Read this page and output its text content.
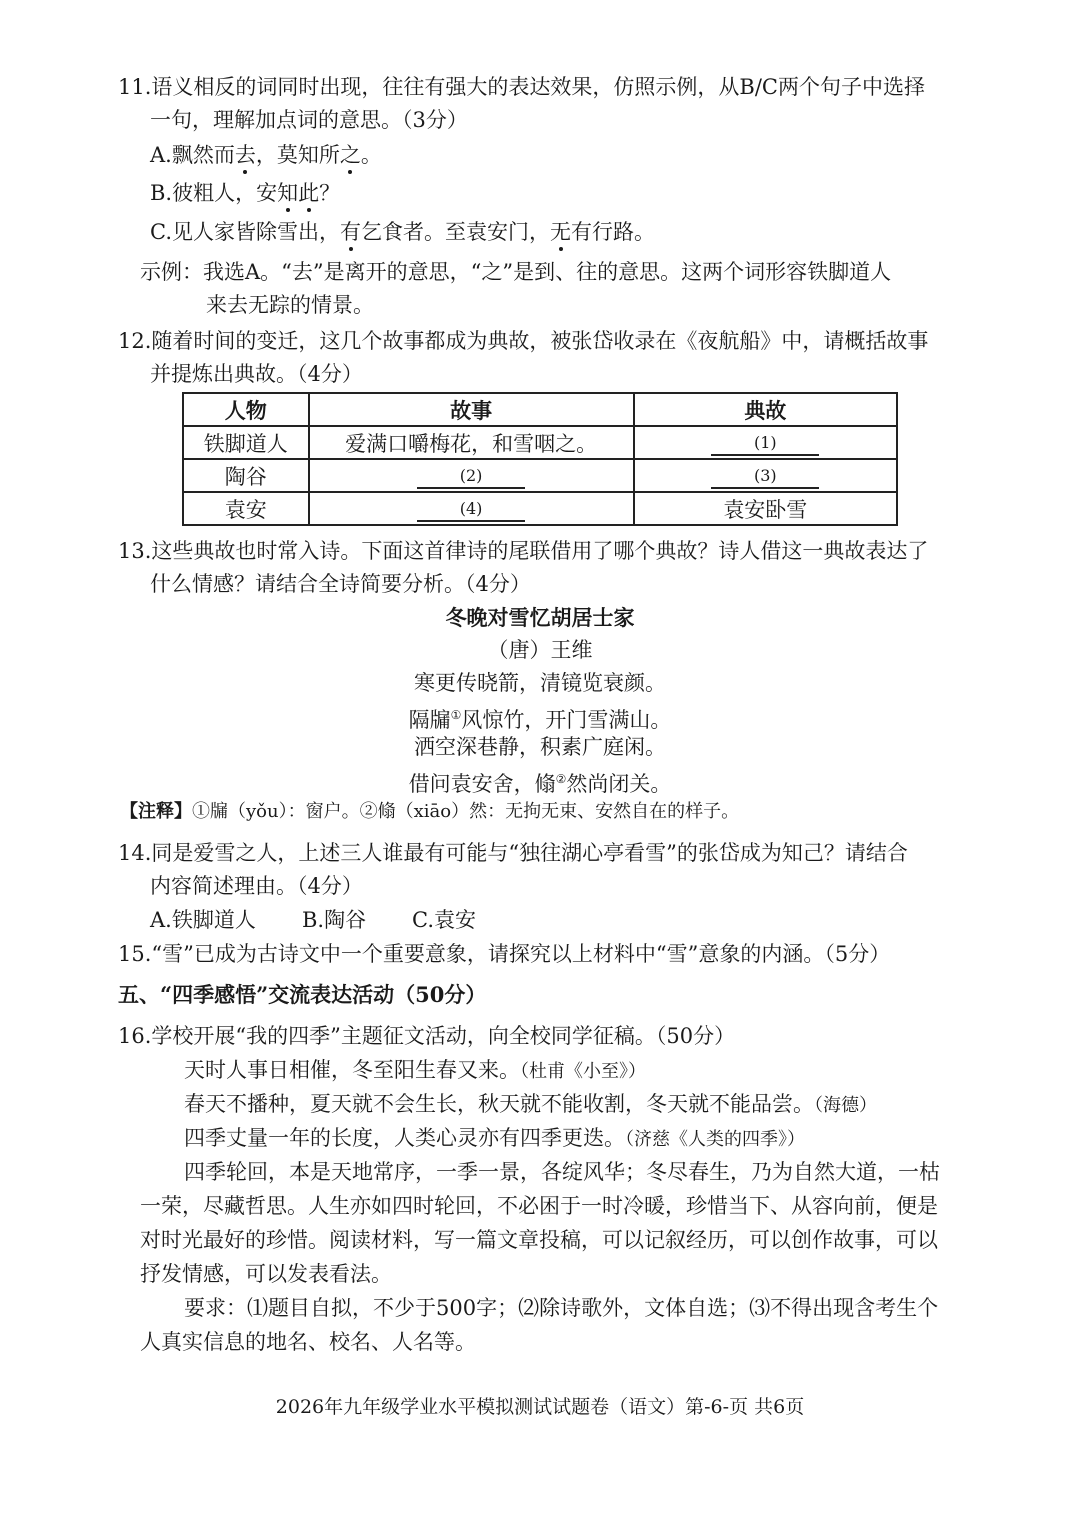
11.语义相反的词同时出现，往往有强大的表达效果，仿照示例，从B/C两个句子中选择
一句，理解加点词的意思。（3分）
A.飘然而去，莫知所之。
B.彼粗人，安知此？
C.见人家皆除雪出，有乞食者。至袁安门，无有行路。
示例：我选A。“去”是离开的意思，“之”是到、往的意思。这两个词形容铁脚道人
来去无踪的情景。
12.随着时间的变迁，这几个故事都成为典故，被张岱收录在《夜航船》中，请概括故事
并提炼出典故。（4分）
人物	故事	典故
铁脚道人	爱满口嚼梅花，和雪咽之。	(1)
陶谷	(2)	(3)
袁安	(4)	袁安卧雪
13.这些典故也时常入诗。下面这首律诗的尾联借用了哪个典故？诗人借这一典故表达了
什么情感？请结合全诗简要分析。（4分）
冬晚对雪忆胡居士家
（唐）王维
寒更传晓箭，清镜览衰颜。
隔牖①风惊竹，开门雪满山。
洒空深巷静，积素广庭闲。
借问袁安舍，翛②然尚闭关。
【注释】①牖（yǒu）：窗户。②翛（xiāo）然：无拘无束、安然自在的样子。
14.同是爱雪之人，上述三人谁最有可能与“独往湖心亭看雪”的张岱成为知己？请结合
内容简述理由。（4分）
A.铁脚道人 B.陶谷 C.袁安
15.“雪”已成为古诗文中一个重要意象，请探究以上材料中“雪”意象的内涵。（5分）
五、“四季感悟”交流表达活动（50分）
16.学校开展“我的四季”主题征文活动，向全校同学征稿。（50分）
天时人事日相催，冬至阳生春又来。（杜甫《小至》）
春天不播种，夏天就不会生长，秋天就不能收割，冬天就不能品尝。（海德）
四季丈量一年的长度，人类心灵亦有四季更迭。（济慈《人类的四季》）
四季轮回，本是天地常序，一季一景，各绽风华；冬尽春生，乃为自然大道，一枯
一荣，尽藏哲思。人生亦如四时轮回，不必困于一时冷暖，珍惜当下、从容向前，便是
对时光最好的珍惜。阅读材料，写一篇文章投稿，可以记叙经历，可以创作故事，可以
抒发情感，可以发表看法。
要求：⑴题目自拟，不少于500字；⑵除诗歌外，文体自选；⑶不得出现含考生个
人真实信息的地名、校名、人名等。
2026年九年级学业水平模拟测试试题卷（语文）第-6-页 共6页
